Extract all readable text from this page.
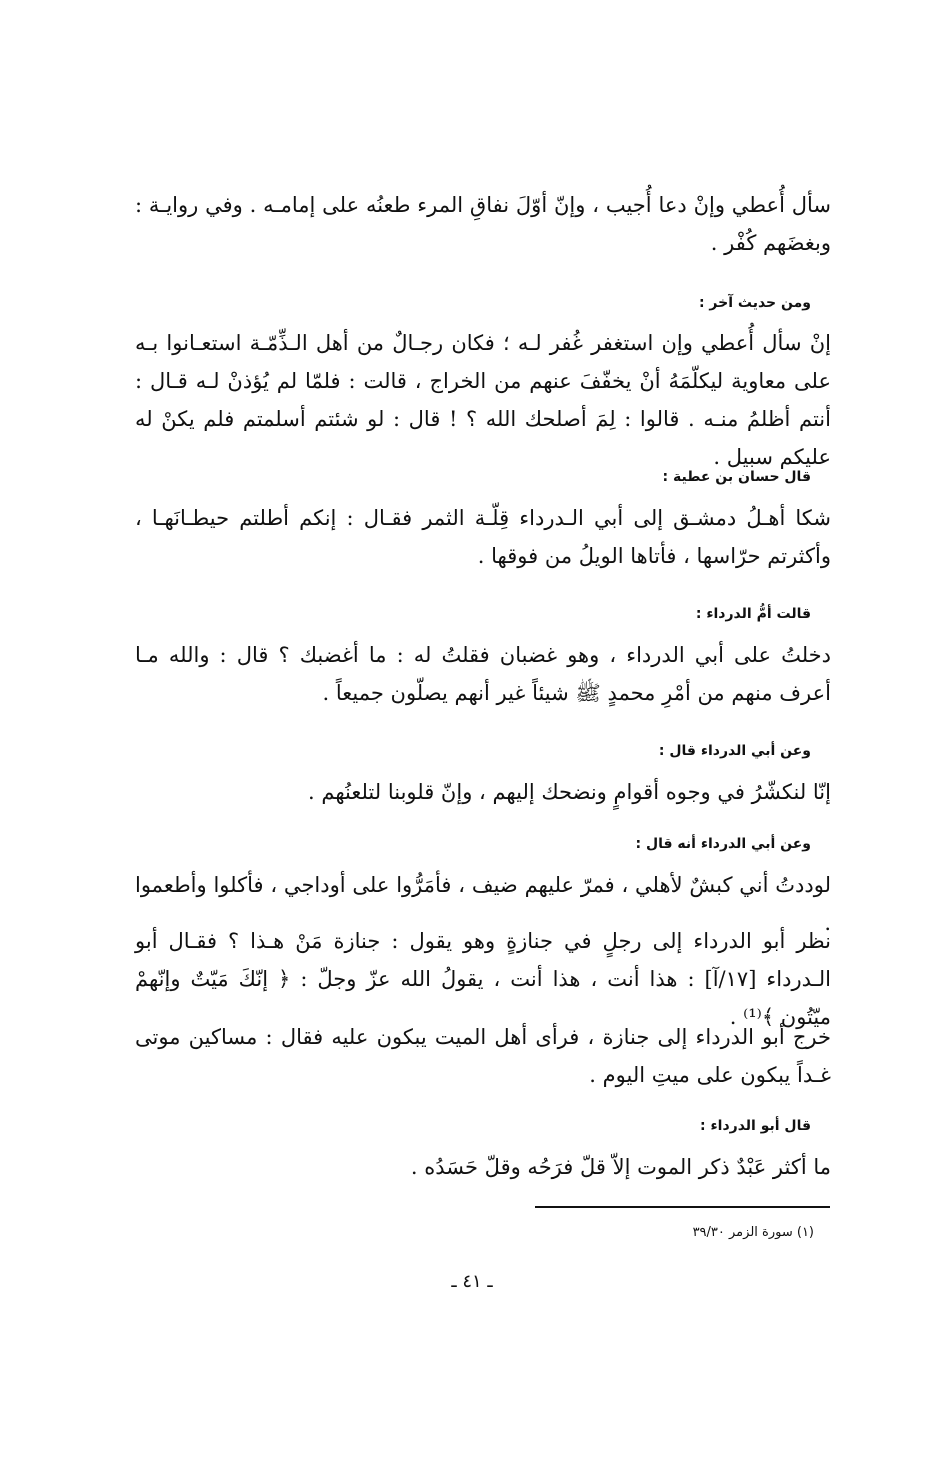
سأل أُعطي وإنْ دعا أُجيب ، وإنّ أوّلَ نفاقِ المرء طعنُه على إمامـه . وفي روايـة : وبغضَهم كُفْر .

ومن حديث آخر :

إنْ سأل أُعطي وإن استغفر غُفر لـه ؛ فكان رجـالٌ من أهل الـذِّمّـة استعـانوا بـه على معاوية ليكلّمَهُ أنْ يخفّفَ عنهم من الخراج ، قالت : فلمّا لم يُؤذنْ لـه قـال : أنتم أظلمُ منـه . قالوا : لِمَ أصلحك الله ؟ ! قال : لو شئتم أسلمتم فلم يكنْ له عليكم سبيل .

قال حسان بن عطية :

شكا أهـلُ دمشـق إلى أبي الـدرداء قِلّـة الثمر فقـال : إنكم أطلتم حيطـانَهـا ، وأكثرتم حرّاسها ، فأتاها الويلُ من فوقها .

قالت أمُّ الدرداء :

دخلتُ على أبي الدرداء ، وهو غضبان فقلتُ له : ما أغضبك ؟ قال : والله مـا أعرف منهم من أمْرِ محمدٍ ﷺ شيئاً غير أنهم يصلّون جميعاً .

وعن أبي الدرداء قال :

إنّا لنكشّرُ في وجوه أقوامٍ ونضحك إليهم ، وإنّ قلوبنا لتلعنُهم .

وعن أبي الدرداء أنه قال :

لوددتُ أني كبشٌ لأهلي ، فمرّ عليهم ضيف ، فأمَرُّوا على أوداجي ، فأكلوا وأطعموا .

نظر أبو الدرداء إلى رجلٍ في جنازةٍ وهو يقول : جنازة مَنْ هـذا ؟ فقـال أبو الـدرداء [١٧/آ] : هذا أنت ، هذا أنت ، يقولُ الله عزّ وجلّ : ﴿ إنّكَ مَيّتٌ وإنّهمْ ميّتُون ﴾⁽¹⁾ .

خرج أبو الدرداء إلى جنازة ، فرأى أهل الميت يبكون عليه فقال : مساكين موتى غـداً يبكون على ميتِ اليوم .

قال أبو الدرداء :

ما أكثر عَبْدٌ ذكر الموت إلاّ قلّ فرَحُه وقلّ حَسَدُه .

(١) سورة الزمر ٣٩/٣٠

ـ ٤١ ـ
